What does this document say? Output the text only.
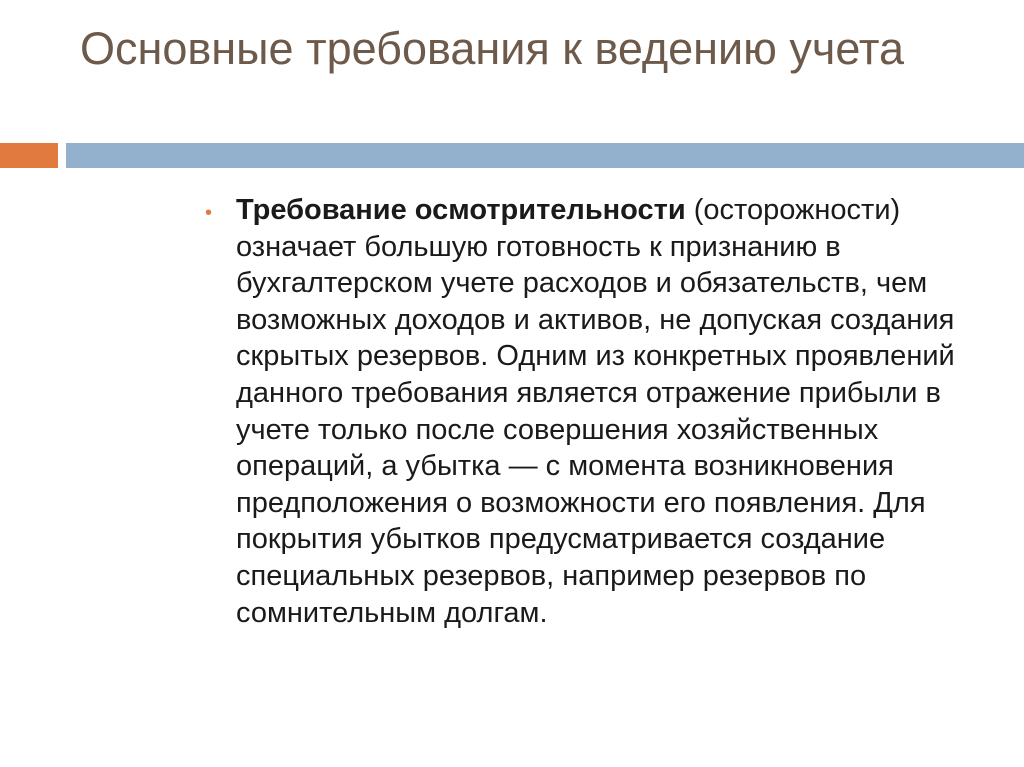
Основные требования к ведению учета
• Требование осмотрительности (осторожности) означает большую готовность к признанию в бухгалтерском учете расходов и обязательств, чем возможных доходов и активов, не допуская создания скрытых резервов. Одним из конкретных проявлений данного требования является отражение прибыли в учете только после совершения хозяйственных операций, а убытка — с момента возникновения предположения о возможности его появления. Для покрытия убытков предусматривается создание специальных резервов, например резервов по сомнительным долгам.
